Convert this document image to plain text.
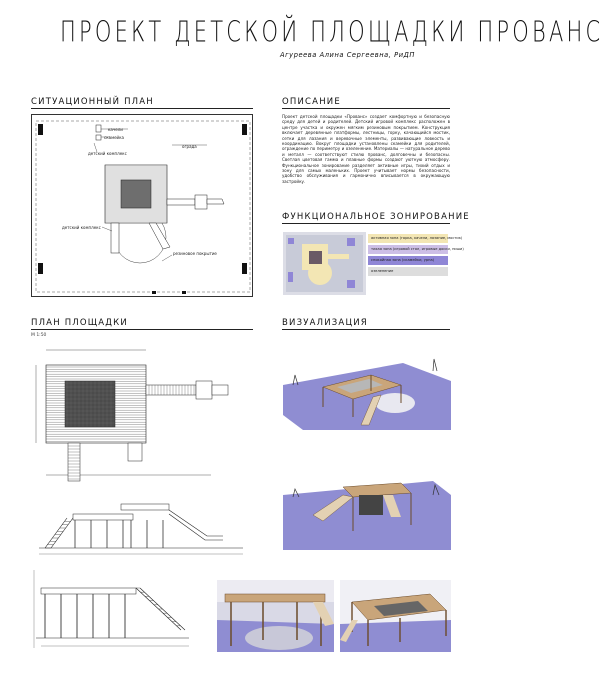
ПРОЕКТ ДЕТСКОЙ ПЛОЩАДКИ ПРОВАНС
Агуреева Алина Сергеевна, РиДП
СИТУАЦИОННЫЙ ПЛАН	ОПИСАНИЕ
ФУНКЦИОНАЛЬНОЕ ЗОНИРОВАНИЕ
ПЛАН ПЛОЩАДКИ	ВИЗУАЛИЗАЦИЯ
качели
скамейка
детский комплекс
ограда
детский комплекс
резиновое покрытие
Проект детской площадки «Прованс» создает комфортную и безопасную среду для детей и родителей. Детский игровой комплекс расположен в центре участка и окружен мягким резиновым покрытием. Конструкция включает деревянные платформы, лестницы, горку, качающийся мостик, сетки для лазания и веревочные элементы, развивающие ловкость и координацию. Вокруг площадки установлены скамейки для родителей, ограждение по периметру и озеленение. Материалы — натуральное дерево и металл — соответствуют стилю прованс, долговечны и безопасны. Светлая цветовая гамма и плавные формы создают уютную атмосферу. Функциональное зонирование разделяет активные игры, тихий отдых и зону для самых маленьких. Проект учитывает нормы безопасности, удобство обслуживания и гармонично вписывается в окружающую застройку.
активная зона (горка, качели, лазание, мостик)
тихая зона (игровой стол, игровые доски, ниши)
спокойная зона (скамейки, урна)
озеленение
М 1:50
